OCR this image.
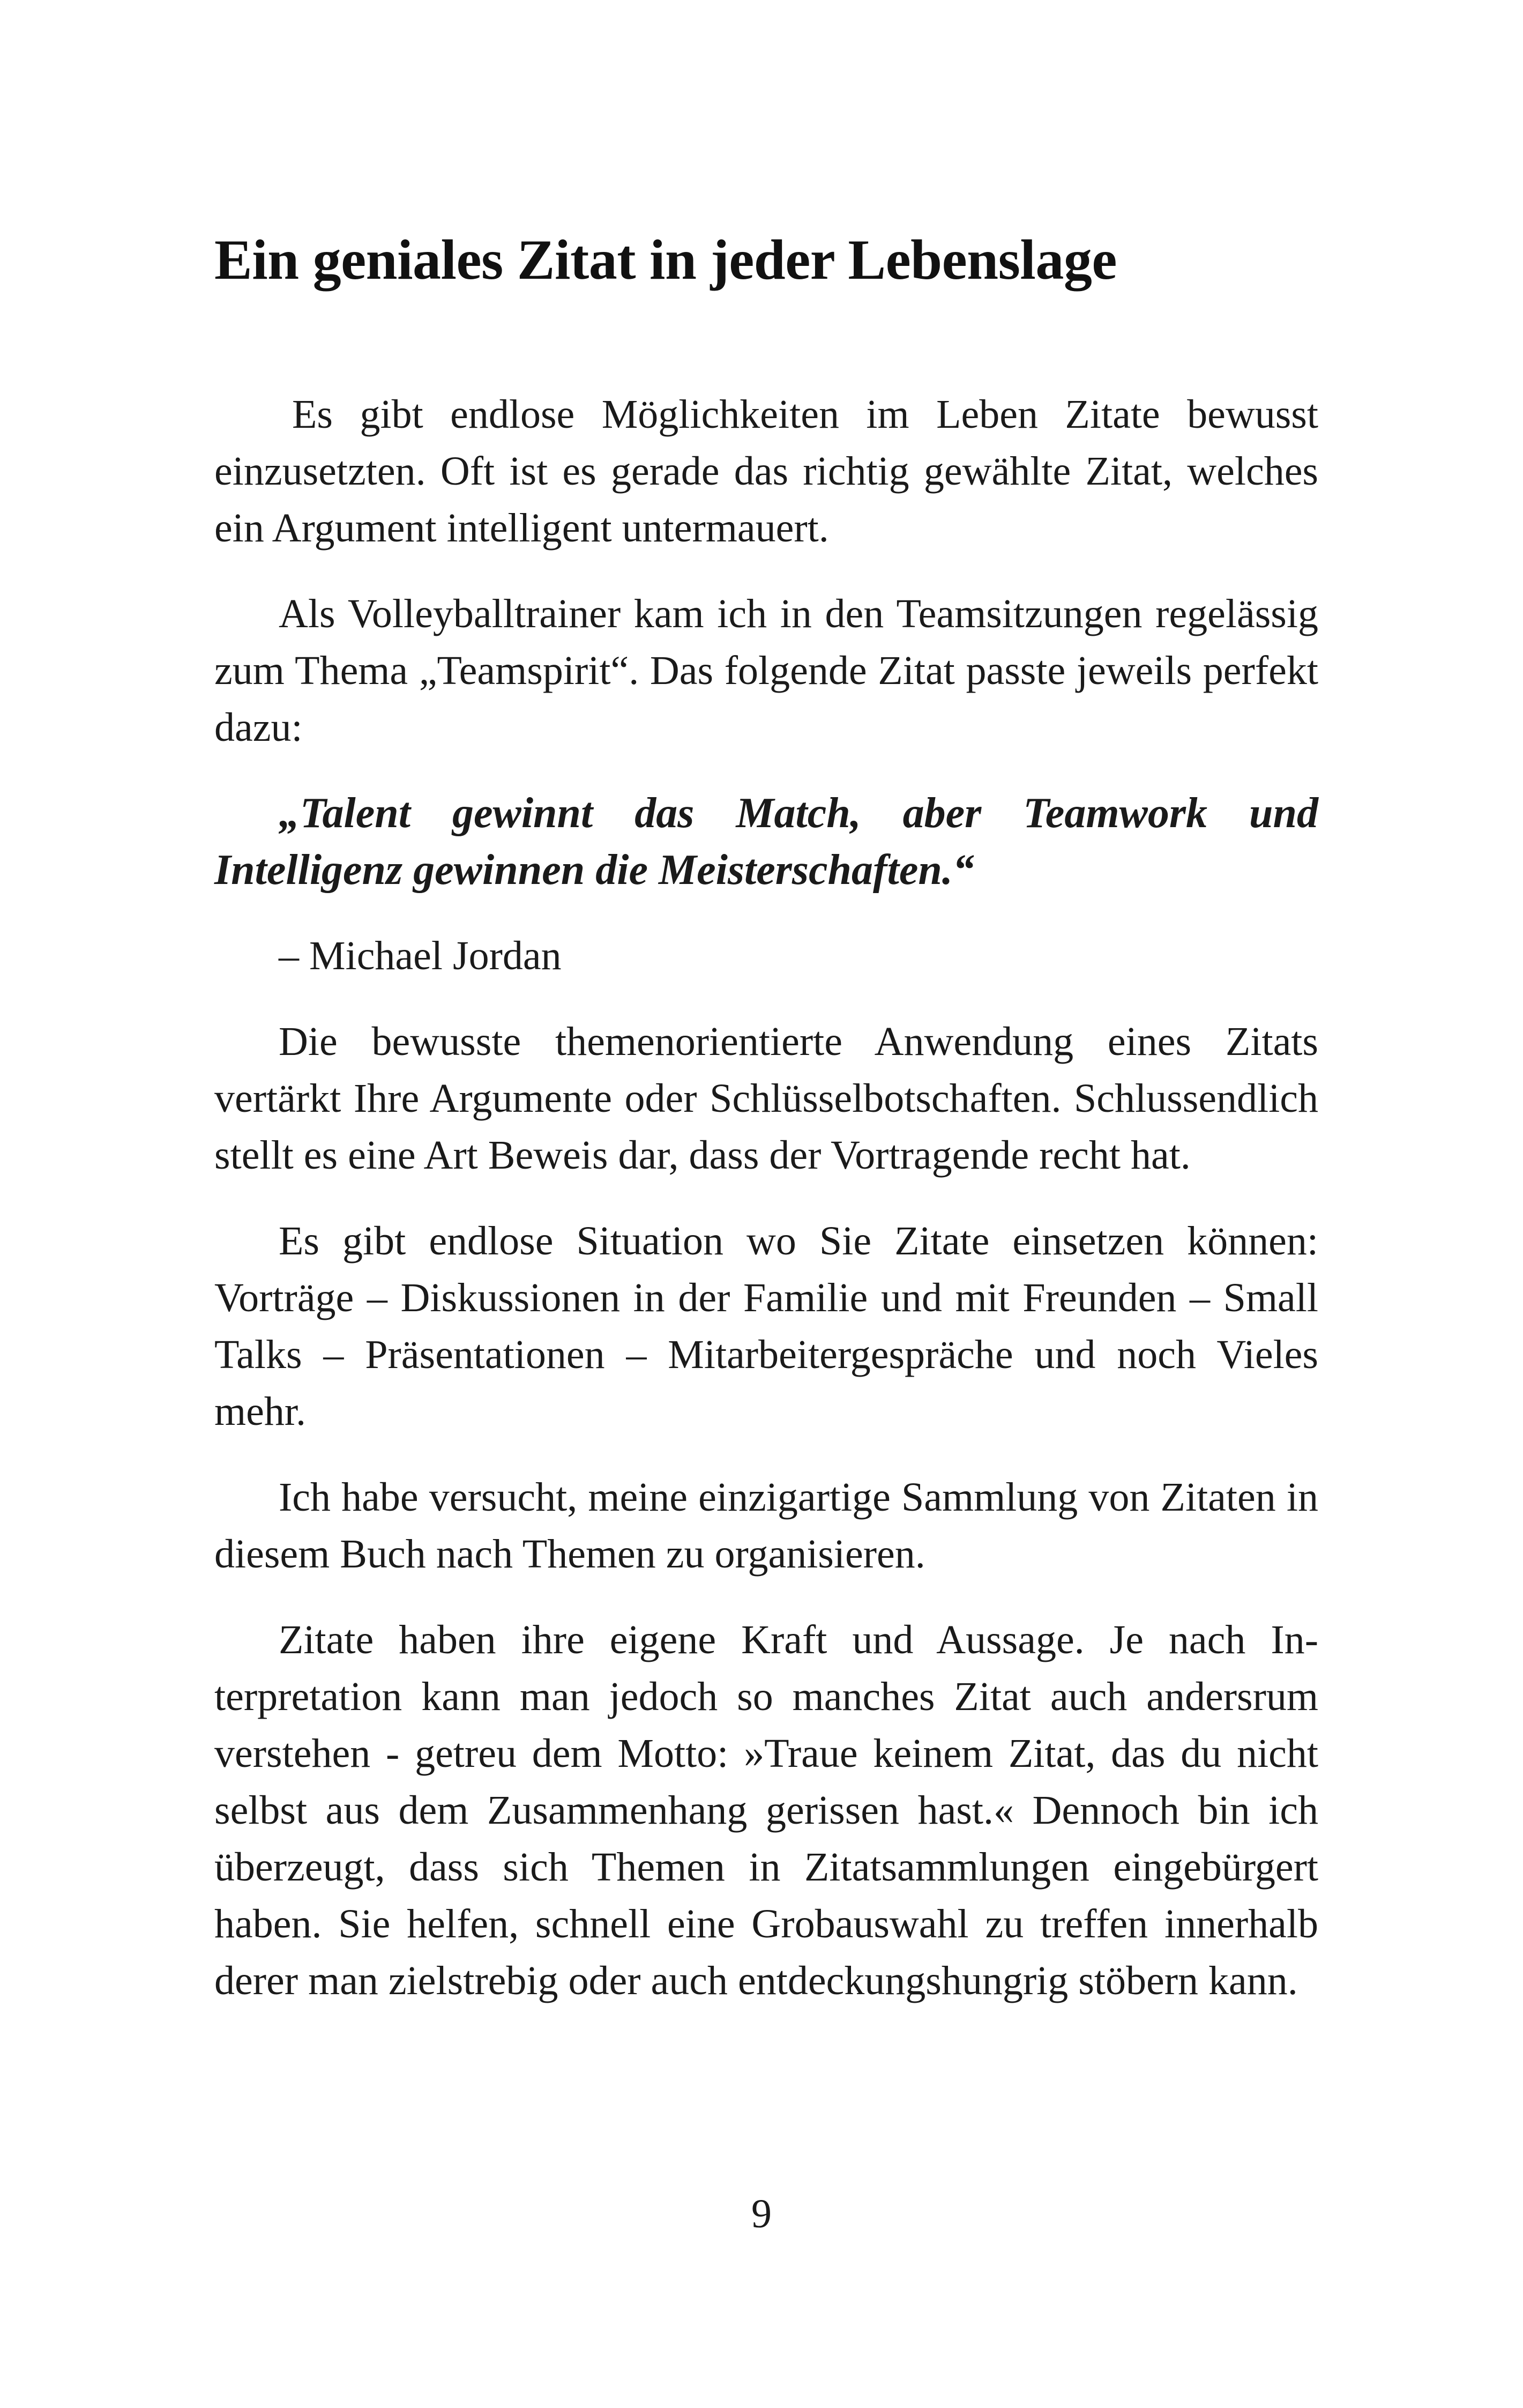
Ein geniales Zitat in jeder Lebenslage

Es gibt endlose Möglichkeiten im Leben Zitate bewusst einzusetzten. Oft ist es gerade das richtig gewählte Zitat, welches ein Argument intelligent untermauert.

Als Volleyballtrainer kam ich in den Teamsitzungen regelässig zum Thema „Teamspirit“. Das folgende Zitat passte jeweils perfekt dazu:

„Talent gewinnt das Match, aber Teamwork und Intelligenz gewinnen die Meisterschaften.“

– Michael Jordan

Die bewusste themenorientierte Anwendung eines Zitats vertärkt Ihre Argumente oder Schlüsselbotschaften. Schlussendlich stellt es eine Art Beweis dar, dass der Vortragende recht hat.

Es gibt endlose Situation wo Sie Zitate einsetzen können: Vorträge – Diskussionen in der Familie und mit Freunden – Small Talks – Präsentationen – Mitarbeitergespräche und noch Vieles mehr.

Ich habe versucht, meine einzigartige Sammlung von Zitaten in diesem Buch nach Themen zu organisieren.

Zitate haben ihre eigene Kraft und Aussage. Je nach Interpretation kann man jedoch so manches Zitat auch andersrum verstehen - getreu dem Motto: »Traue keinem Zitat, das du nicht selbst aus dem Zusammenhang gerissen hast.« Dennoch bin ich überzeugt, dass sich Themen in Zitatsammlungen eingebürgert haben. Sie helfen, schnell eine Grobauswahl zu treffen innerhalb derer man zielstrebig oder auch entdeckungshungrig stöbern kann.

9
